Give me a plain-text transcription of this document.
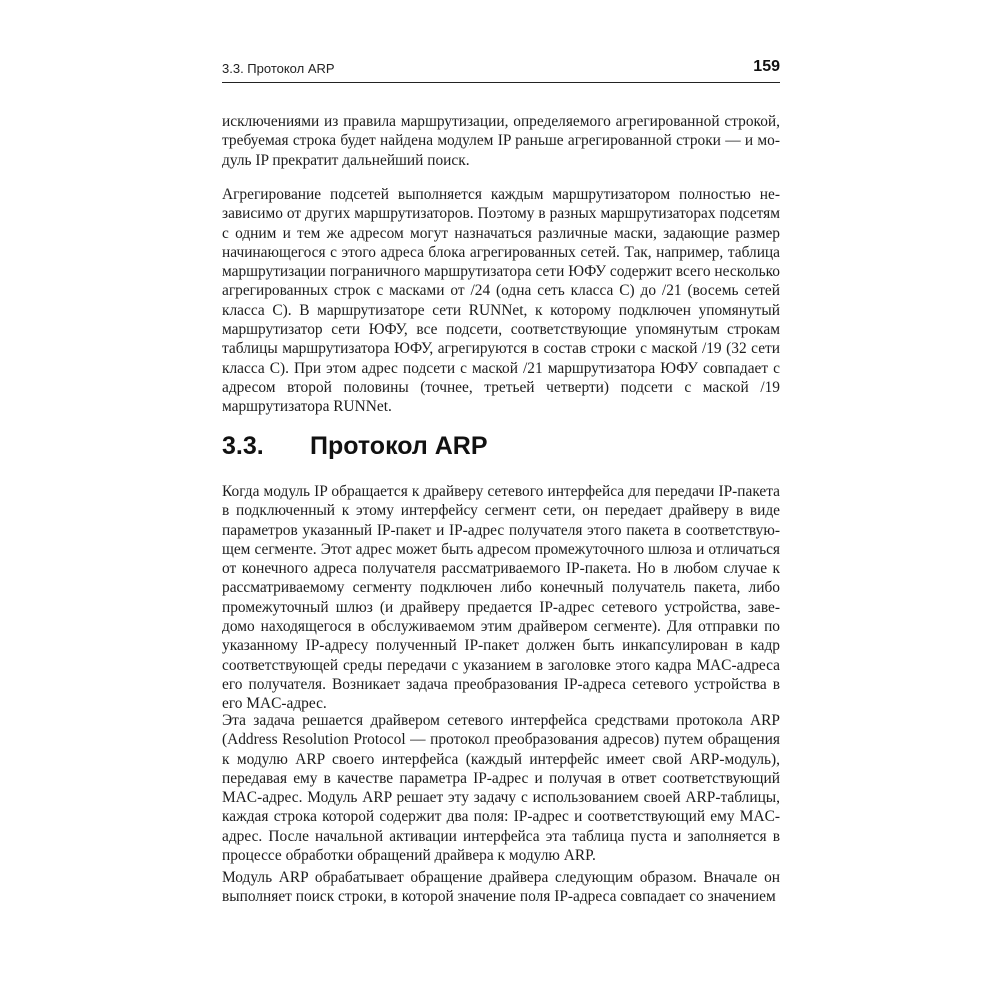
3.3. Протокол ARP	159

исключениями из правила маршрутизации, определяемого агрегированной строкой, требуемая строка будет найдена модулем IP раньше агрегированной строки — и модуль IP прекратит дальнейший поиск.

Агрегирование подсетей выполняется каждым маршрутизатором полностью независимо от других маршрутизаторов. Поэтому в разных маршрутизаторах подсетям с одним и тем же адресом могут назначаться различные маски, задающие размер начинающегося с этого адреса блока агрегированных сетей. Так, например, таблица маршрутизации пограничного маршрутизатора сети ЮФУ содержит всего несколько агрегированных строк с масками от /24 (одна сеть класса C) до /21 (восемь сетей класса C). В маршрутизаторе сети RUNNet, к которому подключен упомянутый маршрутизатор сети ЮФУ, все подсети, соответствующие упомянутым строкам таблицы маршрутизатора ЮФУ, агрегируются в состав строки с маской /19 (32 сети класса C). При этом адрес подсети с маской /21 маршрутизатора ЮФУ совпадает с адресом второй половины (точнее, третьей четверти) подсети с маской /19 маршрутизатора RUNNet.

3.3. Протокол ARP

Когда модуль IP обращается к драйверу сетевого интерфейса для передачи IP-пакета в подключенный к этому интерфейсу сегмент сети, он передает драйверу в виде параметров указанный IP-пакет и IP-адрес получателя этого пакета в соответствующем сегменте. Этот адрес может быть адресом промежуточного шлюза и отличаться от конечного адреса получателя рассматриваемого IP-пакета. Но в любом случае к рассматриваемому сегменту подключен либо конечный получатель пакета, либо промежуточный шлюз (и драйверу предается IP-адрес сетевого устройства, заведомо находящегося в обслуживаемом этим драйвером сегменте). Для отправки по указанному IP-адресу полученный IP-пакет должен быть инкапсулирован в кадр соответствующей среды передачи с указанием в заголовке этого кадра MAC-адреса его получателя. Возникает задача преобразования IP-адреса сетевого устройства в его MAC-адрес.

Эта задача решается драйвером сетевого интерфейса средствами протокола ARP (Address Resolution Protocol — протокол преобразования адресов) путем обращения к модулю ARP своего интерфейса (каждый интерфейс имеет свой ARP-модуль), передавая ему в качестве параметра IP-адрес и получая в ответ соответствующий MAC-адрес. Модуль ARP решает эту задачу с использованием своей ARP-таблицы, каждая строка которой содержит два поля: IP-адрес и соответствующий ему MAC-адрес. После начальной активации интерфейса эта таблица пуста и заполняется в процессе обработки обращений драйвера к модулю ARP.

Модуль ARP обрабатывает обращение драйвера следующим образом. Вначале он выполняет поиск строки, в которой значение поля IP-адреса совпадает со значением
